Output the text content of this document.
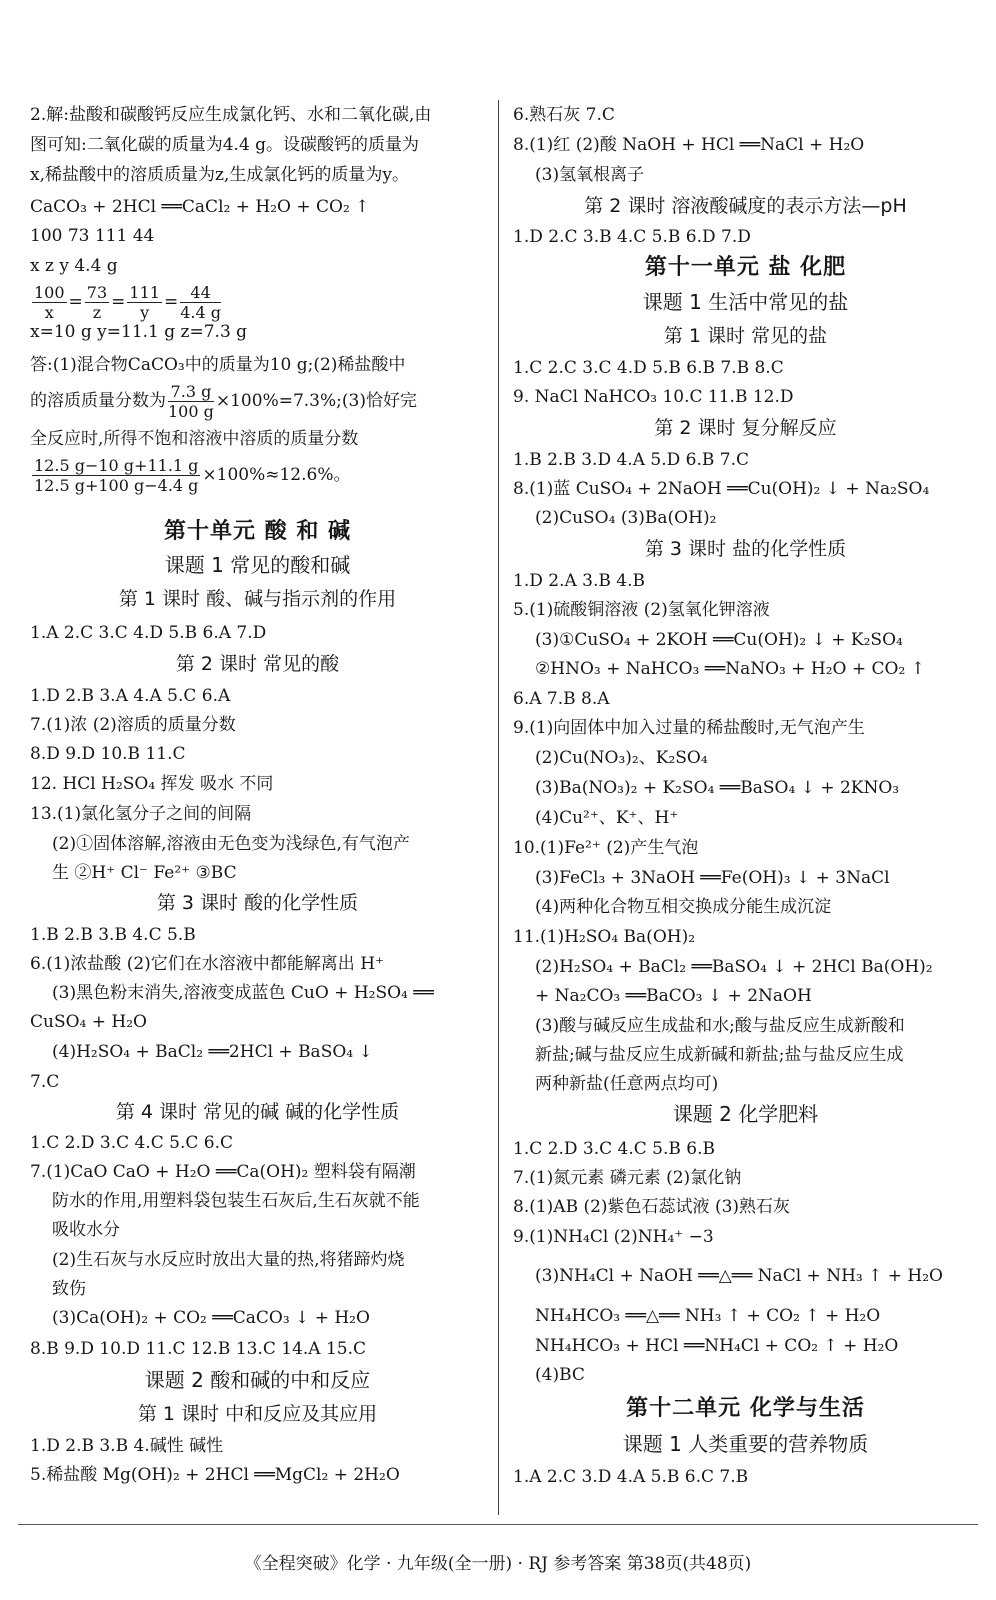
$\frac{100}{x} = \frac{73}{z} = \frac{111}{y} = \frac{44}{4.4 g}$
的溶质质量分数为 $\frac{7.3 g}{100 g}$ ×100%=7.3%;(3)恰好完
$\frac{12.5 g-10 g+11.1 g}{12.5 g+100 g-4.4 g} \times 100\%\approx 12.6\%$。
2.解:盐酸和碳酸钙反应生成氯化钙、水和二氧化碳,由
图可知:二氧化碳的质量为4.4 g。设碳酸钙的质量为
x,稀盐酸中的溶质质量为z,生成氯化钙的质量为y。
CaCO₃ + 2HCl ══CaCl₂ + H₂O + CO₂ ↑
100 73 111 44
x z y 4.4 g
x=10 g y=11.1 g z=7.3 g
答:(1)混合物CaCO₃中的质量为10 g;(2)稀盐酸中
全反应时,所得不饱和溶液中溶质的质量分数
第十单元 酸 和 碱
课题 1 常见的酸和碱
第 1 课时 酸、碱与指示剂的作用
1.A 2.C 3.C 4.D 5.B 6.A 7.D
第 2 课时 常见的酸
1.D 2.B 3.A 4.A 5.C 6.A
7.(1)浓 (2)溶质的质量分数
8.D 9.D 10.B 11.C
12. HCl H₂SO₄ 挥发 吸水 不同
13.(1)氯化氢分子之间的间隔
(2)①固体溶解,溶液由无色变为浅绿色,有气泡产
生 ②H⁺ Cl⁻ Fe²⁺ ③BC
第 3 课时 酸的化学性质
1.B 2.B 3.B 4.C 5.B
6.(1)浓盐酸 (2)它们在水溶液中都能解离出 H⁺
(3)黑色粉末消失,溶液变成蓝色 CuO + H₂SO₄ ══
CuSO₄ + H₂O
(4)H₂SO₄ + BaCl₂ ══2HCl + BaSO₄ ↓
7.C
第 4 课时 常见的碱 碱的化学性质
1.C 2.D 3.C 4.C 5.C 6.C
7.(1)CaO CaO + H₂O ══Ca(OH)₂ 塑料袋有隔潮
防水的作用,用塑料袋包装生石灰后,生石灰就不能
吸收水分
(2)生石灰与水反应时放出大量的热,将猪蹄灼烧
致伤
(3)Ca(OH)₂ + CO₂ ══CaCO₃ ↓ + H₂O
8.B 9.D 10.D 11.C 12.B 13.C 14.A 15.C
课题 2 酸和碱的中和反应
第 1 课时 中和反应及其应用
1.D 2.B 3.B 4.碱性 碱性
5.稀盐酸 Mg(OH)₂ + 2HCl ══MgCl₂ + 2H₂O
6.熟石灰 7.C
8.(1)红 (2)酸 NaOH + HCl ══NaCl + H₂O
(3)氢氧根离子
第 2 课时 溶液酸碱度的表示方法—pH
1.D 2.C 3.B 4.C 5.B 6.D 7.D
第十一单元 盐 化肥
课题 1 生活中常见的盐
第 1 课时 常见的盐
1.C 2.C 3.C 4.D 5.B 6.B 7.B 8.C
9. NaCl NaHCO₃ 10.C 11.B 12.D
第 2 课时 复分解反应
1.B 2.B 3.D 4.A 5.D 6.B 7.C
8.(1)蓝 CuSO₄ + 2NaOH ══Cu(OH)₂ ↓ + Na₂SO₄
(2)CuSO₄ (3)Ba(OH)₂
第 3 课时 盐的化学性质
1.D 2.A 3.B 4.B
5.(1)硫酸铜溶液 (2)氢氧化钾溶液
(3)①CuSO₄ + 2KOH ══Cu(OH)₂ ↓ + K₂SO₄
②HNO₃ + NaHCO₃ ══NaNO₃ + H₂O + CO₂ ↑
6.A 7.B 8.A
9.(1)向固体中加入过量的稀盐酸时,无气泡产生
(2)Cu(NO₃)₂、K₂SO₄
(3)Ba(NO₃)₂ + K₂SO₄ ══BaSO₄ ↓ + 2KNO₃
(4)Cu²⁺、K⁺、H⁺
10.(1)Fe²⁺ (2)产生气泡
(3)FeCl₃ + 3NaOH ══Fe(OH)₃ ↓ + 3NaCl
(4)两种化合物互相交换成分能生成沉淀
11.(1)H₂SO₄ Ba(OH)₂
(2)H₂SO₄ + BaCl₂ ══BaSO₄ ↓ + 2HCl Ba(OH)₂
+ Na₂CO₃ ══BaCO₃ ↓ + 2NaOH
(3)酸与碱反应生成盐和水;酸与盐反应生成新酸和
新盐;碱与盐反应生成新碱和新盐;盐与盐反应生成
两种新盐(任意两点均可)
课题 2 化学肥料
1.C 2.D 3.C 4.C 5.B 6.B
7.(1)氮元素 磷元素 (2)氯化钠
8.(1)AB (2)紫色石蕊试液 (3)熟石灰
9.(1)NH₄Cl (2)NH₄⁺ −3
(3)NH₄Cl + NaOH ══△══ NaCl + NH₃ ↑ + H₂O
NH₄HCO₃ ══△══ NH₃ ↑ + CO₂ ↑ + H₂O
NH₄HCO₃ + HCl ══NH₄Cl + CO₂ ↑ + H₂O
(4)BC
第十二单元 化学与生活
课题 1 人类重要的营养物质
1.A 2.C 3.D 4.A 5.B 6.C 7.B
《全程突破》化学 · 九年级(全一册) · RJ 参考答案 第38页(共48页)
